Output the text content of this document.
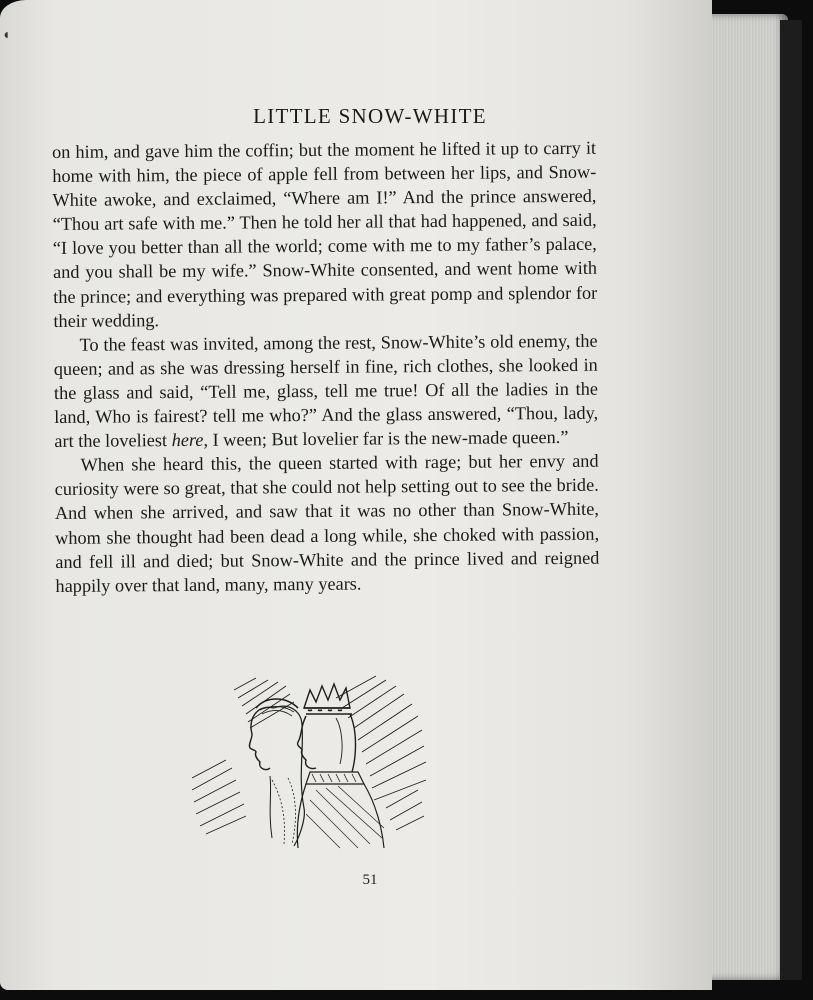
◖
LITTLE SNOW-WHITE

on him, and gave him the coffin; but the moment he lifted it up to carry it home with him, the piece of apple fell from between her lips, and Snow-White awoke, and exclaimed, “Where am I!” And the prince answered, “Thou art safe with me.” Then he told her all that had happened, and said, “I love you better than all the world; come with me to my father’s palace, and you shall be my wife.” Snow-White consented, and went home with the prince; and everything was prepared with great pomp and splendor for their wedding.

To the feast was invited, among the rest, Snow-White’s old enemy, the queen; and as she was dressing herself in fine, rich clothes, she looked in the glass and said, “Tell me, glass, tell me true! Of all the ladies in the land, Who is fairest? tell me who?” And the glass answered, “Thou, lady, art the loveliest here, I ween; But lovelier far is the new-made queen.”

When she heard this, the queen started with rage; but her envy and curiosity were so great, that she could not help setting out to see the bride. And when she arrived, and saw that it was no other than Snow-White, whom she thought had been dead a long while, she choked with passion, and fell ill and died; but Snow-White and the prince lived and reigned happily over that land, many, many years.

51
